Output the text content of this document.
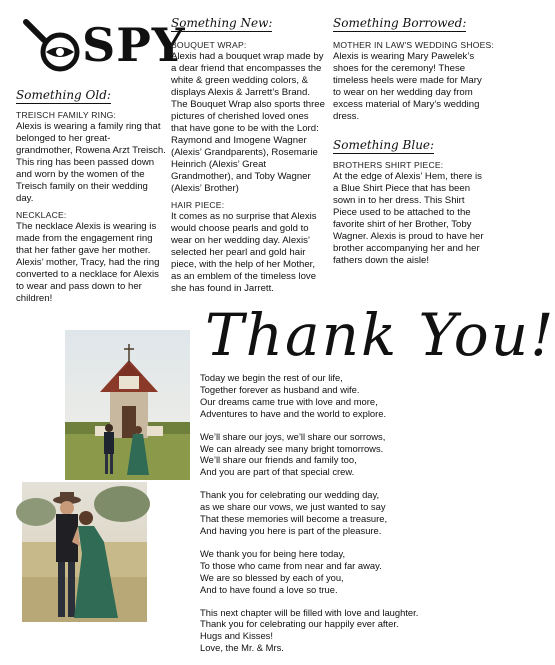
SPY
Something Old:
TREISCH FAMILY RING:
Alexis is wearing a family ring that belonged to her great-grandmother, Rowena Arzt Treisch. This ring has been passed down and worn by the women of the Treisch family on their wedding day.
NECKLACE:
The necklace Alexis is wearing is made from the engagement ring that her father gave her mother. Alexis’ mother, Tracy, had the ring converted to a necklace for Alexis to wear and pass down to her children!
Something New:
BOUQUET WRAP:
Alexis had a bouquet wrap made by a dear friend that encompasses the white & green wedding colors, & displays Alexis & Jarrett’s Brand. The Bouquet Wrap also sports three pictures of cherished loved ones that have gone to be with the Lord: Raymond and Imogene Wagner (Alexis’ Grandparents), Rosemarie Heinrich (Alexis’ Great Grandmother), and Toby Wagner (Alexis’ Brother)
HAIR PIECE:
It comes as no surprise that Alexis would choose pearls and gold to wear on her wedding day. Alexis’ selected her pearl and gold hair piece, with the help of her Mother, as an emblem of the timeless love she has found in Jarrett.
Something Borrowed:
MOTHER IN LAW'S WEDDING SHOES:
Alexis is wearing Mary Pawelek’s shoes for the ceremony! These timeless heels were made for Mary to wear on her wedding day from excess material of Mary’s wedding dress.
Something Blue:
BROTHERS SHIRT PIECE:
At the edge of Alexis’ Hem, there is a Blue Shirt Piece that has been sown in to her dress. This Shirt Piece used to be attached to the favorite shirt of her Brother, Toby Wagner. Alexis is proud to have her brother accompanying her and her fathers down the aisle!
Thank You!
Today we begin the rest of our life,
Together forever as husband and wife.
Our dreams came true with love and more,
Adventures to have and the world to explore.
We’ll share our joys, we’ll share our sorrows,
We can already see many bright tomorrows.
We’ll share our friends and family too,
And you are part of that special crew.
Thank you for celebrating our wedding day,
as we share our vows, we just wanted to say
That these memories will become a treasure,
And having you here is part of the pleasure.
We thank you for being here today,
To those who came from near and far away.
We are so blessed by each of you,
And to have found a love so true.
This next chapter will be filled with love and laughter.
Thank you for celebrating our happily ever after.
Hugs and Kisses!
Love, the Mr. & Mrs.
